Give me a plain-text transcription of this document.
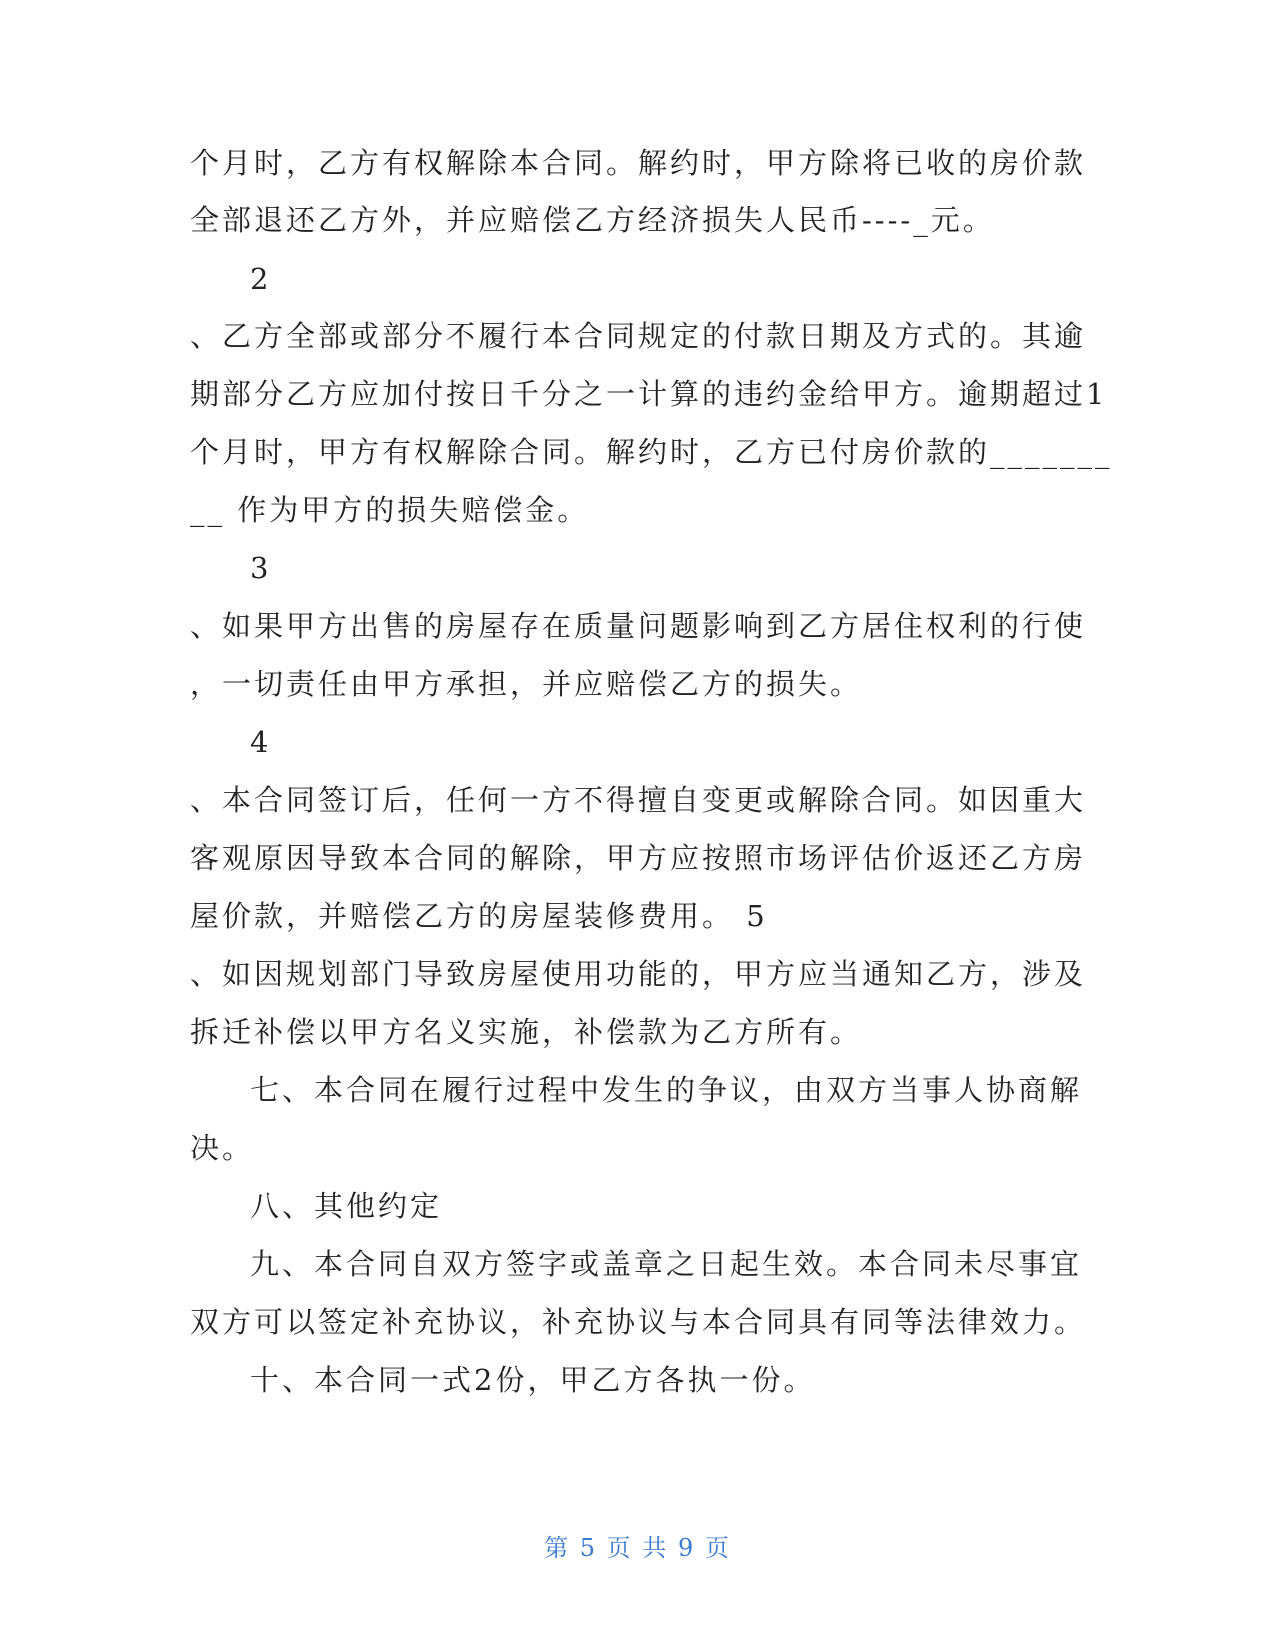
个月时，乙方有权解除本合同。解约时，甲方除将已收的房价款
全部退还乙方外，并应赔偿乙方经济损失人民币----_元。
2
、乙方全部或部分不履行本合同规定的付款日期及方式的。其逾
期部分乙方应加付按日千分之一计算的违约金给甲方。逾期超过1
个月时，甲方有权解除合同。解约时，乙方已付房价款的_______
__ 作为甲方的损失赔偿金。
3
、如果甲方出售的房屋存在质量问题影响到乙方居住权利的行使
，一切责任由甲方承担，并应赔偿乙方的损失。
4
、本合同签订后，任何一方不得擅自变更或解除合同。如因重大
客观原因导致本合同的解除，甲方应按照市场评估价返还乙方房
屋价款，并赔偿乙方的房屋装修费用。 5
、如因规划部门导致房屋使用功能的，甲方应当通知乙方，涉及
拆迁补偿以甲方名义实施，补偿款为乙方所有。
七、本合同在履行过程中发生的争议，由双方当事人协商解
决。
八、其他约定
九、本合同自双方签字或盖章之日起生效。本合同未尽事宜
双方可以签定补充协议，补充协议与本合同具有同等法律效力。
十、本合同一式2份，甲乙方各执一份。
第 5 页 共 9 页
